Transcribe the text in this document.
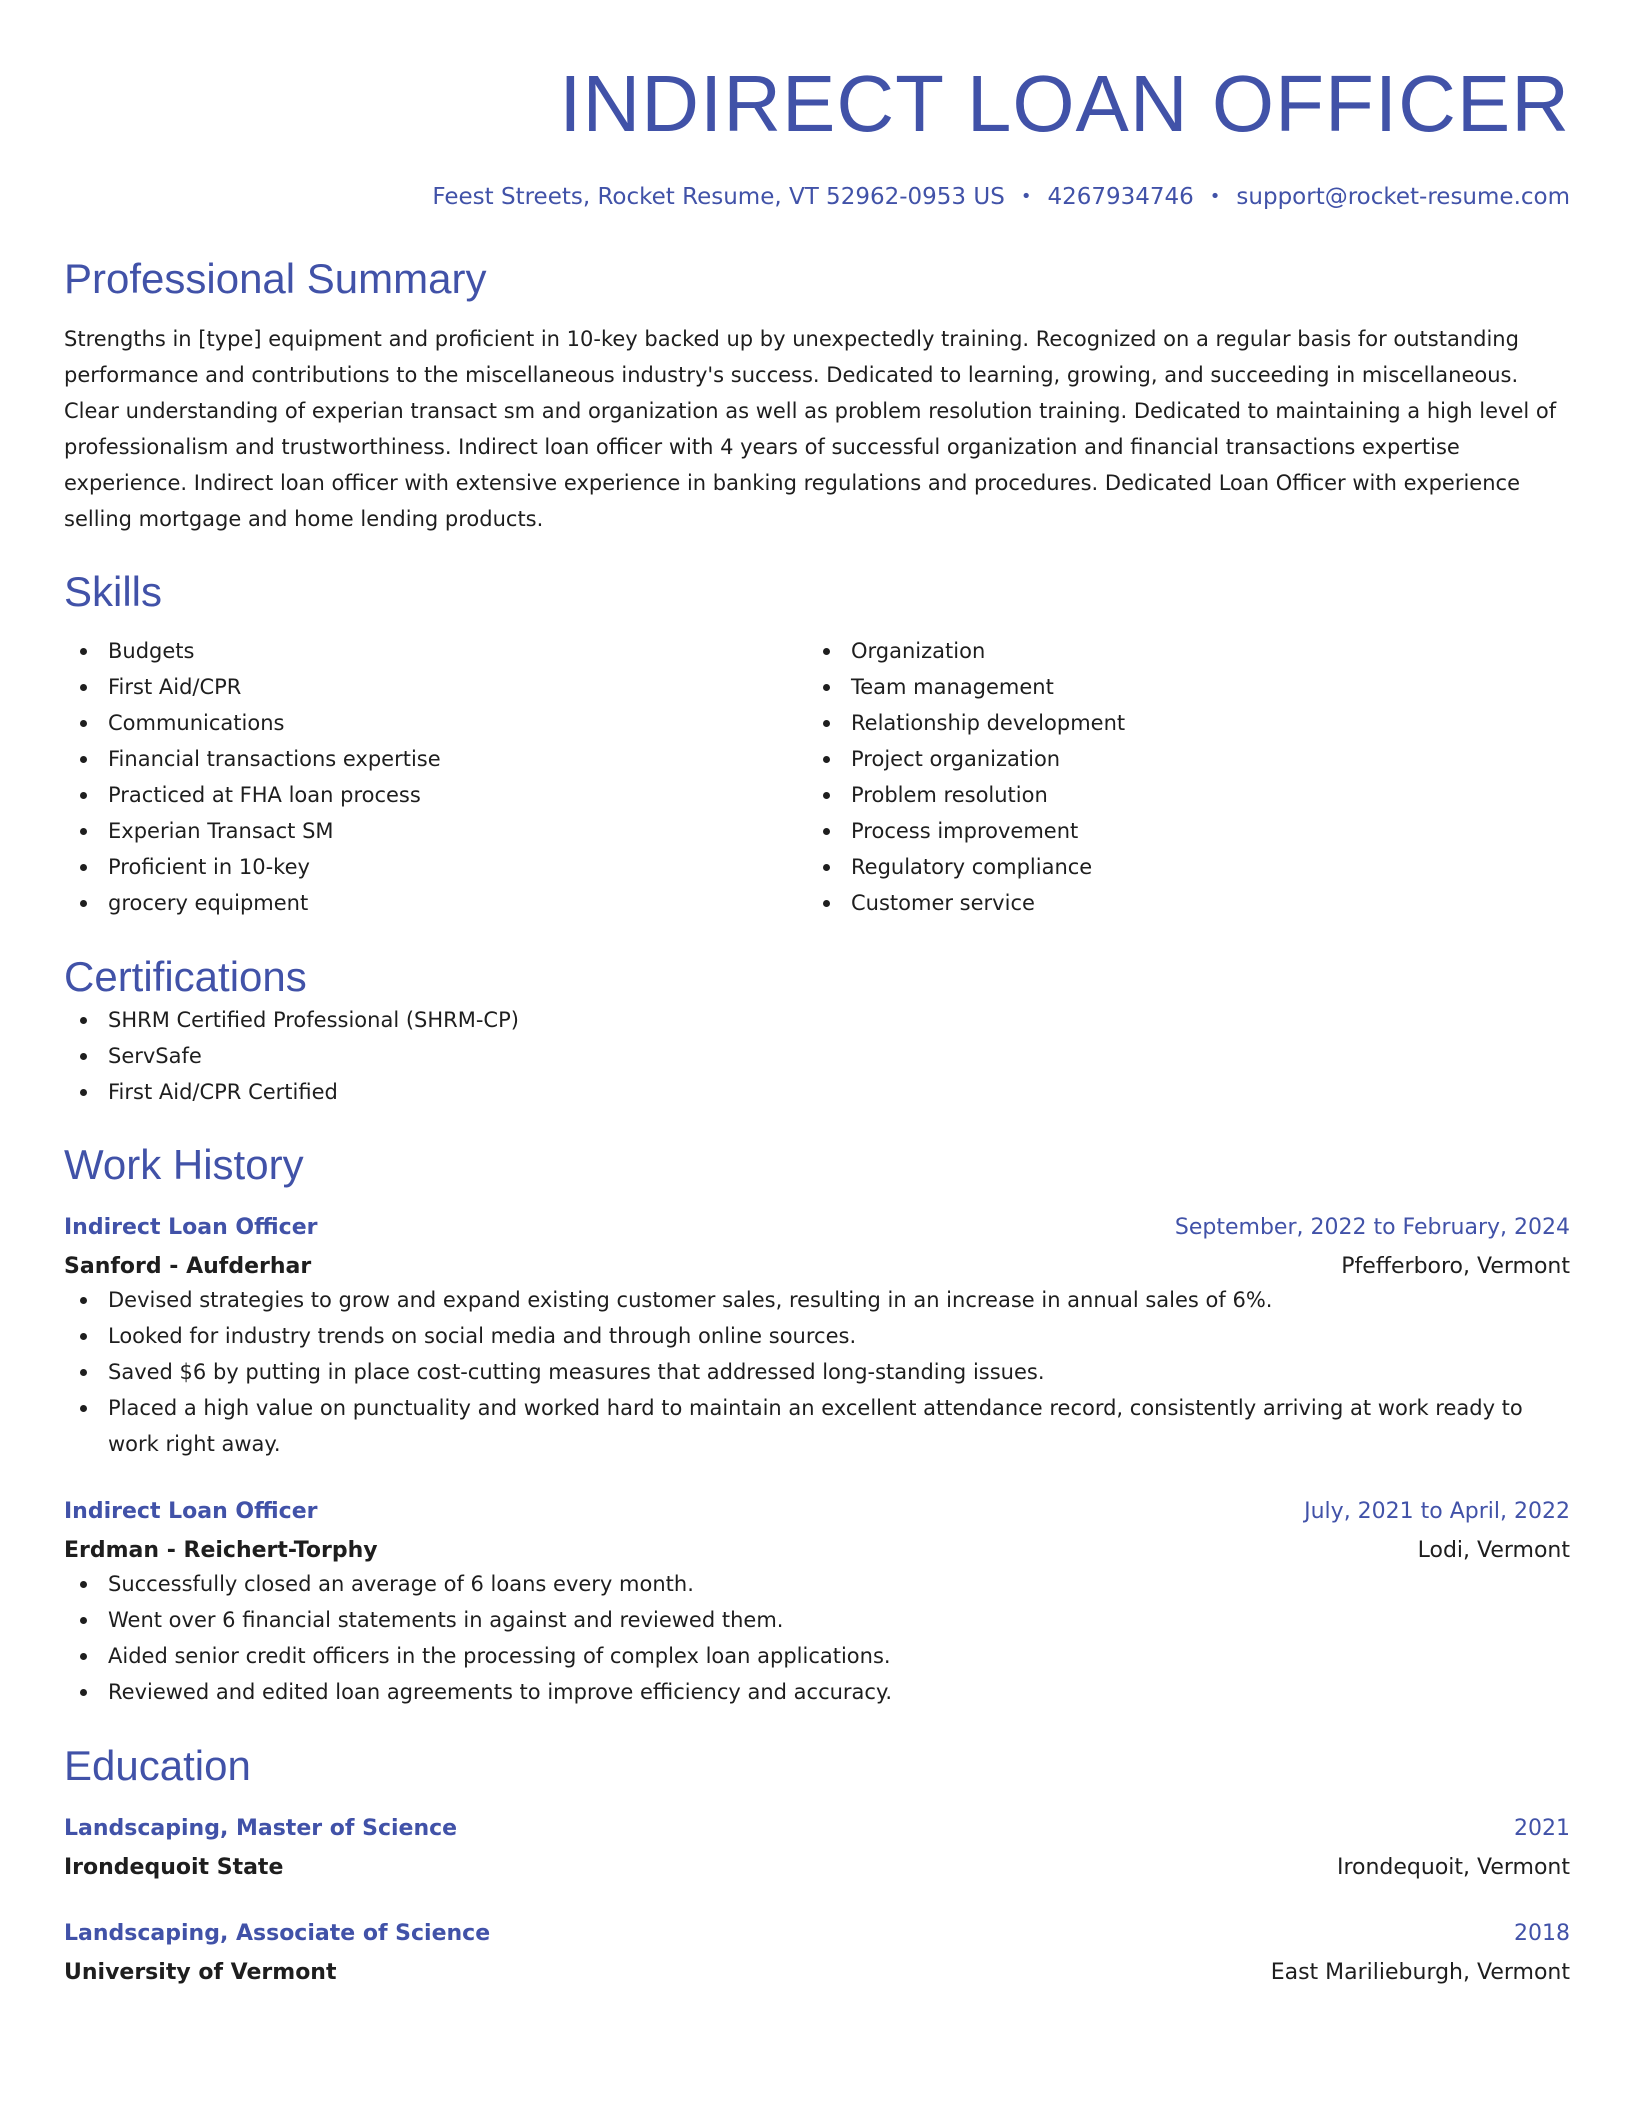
INDIRECT LOAN OFFICER
Feest Streets, Rocket Resume, VT 52962-0953 US • 4267934746 • support@rocket-resume.com
Professional Summary
Strengths in [type] equipment and proficient in 10-key backed up by unexpectedly training. Recognized on a regular basis for outstanding performance and contributions to the miscellaneous industry's success. Dedicated to learning, growing, and succeeding in miscellaneous. Clear understanding of experian transact sm and organization as well as problem resolution training. Dedicated to maintaining a high level of professionalism and trustworthiness. Indirect loan officer with 4 years of successful organization and financial transactions expertise experience. Indirect loan officer with extensive experience in banking regulations and procedures. Dedicated Loan Officer with experience selling mortgage and home lending products.
Skills
Budgets
First Aid/CPR
Communications
Financial transactions expertise
Practiced at FHA loan process
Experian Transact SM
Proficient in 10-key
grocery equipment
Organization
Team management
Relationship development
Project organization
Problem resolution
Process improvement
Regulatory compliance
Customer service
Certifications
SHRM Certified Professional (SHRM-CP)
ServSafe
First Aid/CPR Certified
Work History
Indirect Loan Officer	September, 2022 to February, 2024
Sanford - Aufderhar	Pfefferboro, Vermont
Devised strategies to grow and expand existing customer sales, resulting in an increase in annual sales of 6%.
Looked for industry trends on social media and through online sources.
Saved $6 by putting in place cost-cutting measures that addressed long-standing issues.
Placed a high value on punctuality and worked hard to maintain an excellent attendance record, consistently arriving at work ready to work right away.
Indirect Loan Officer	July, 2021 to April, 2022
Erdman - Reichert-Torphy	Lodi, Vermont
Successfully closed an average of 6 loans every month.
Went over 6 financial statements in against and reviewed them.
Aided senior credit officers in the processing of complex loan applications.
Reviewed and edited loan agreements to improve efficiency and accuracy.
Education
Landscaping, Master of Science	2021
Irondequoit State	Irondequoit, Vermont
Landscaping, Associate of Science	2018
University of Vermont	East Marilieburgh, Vermont
